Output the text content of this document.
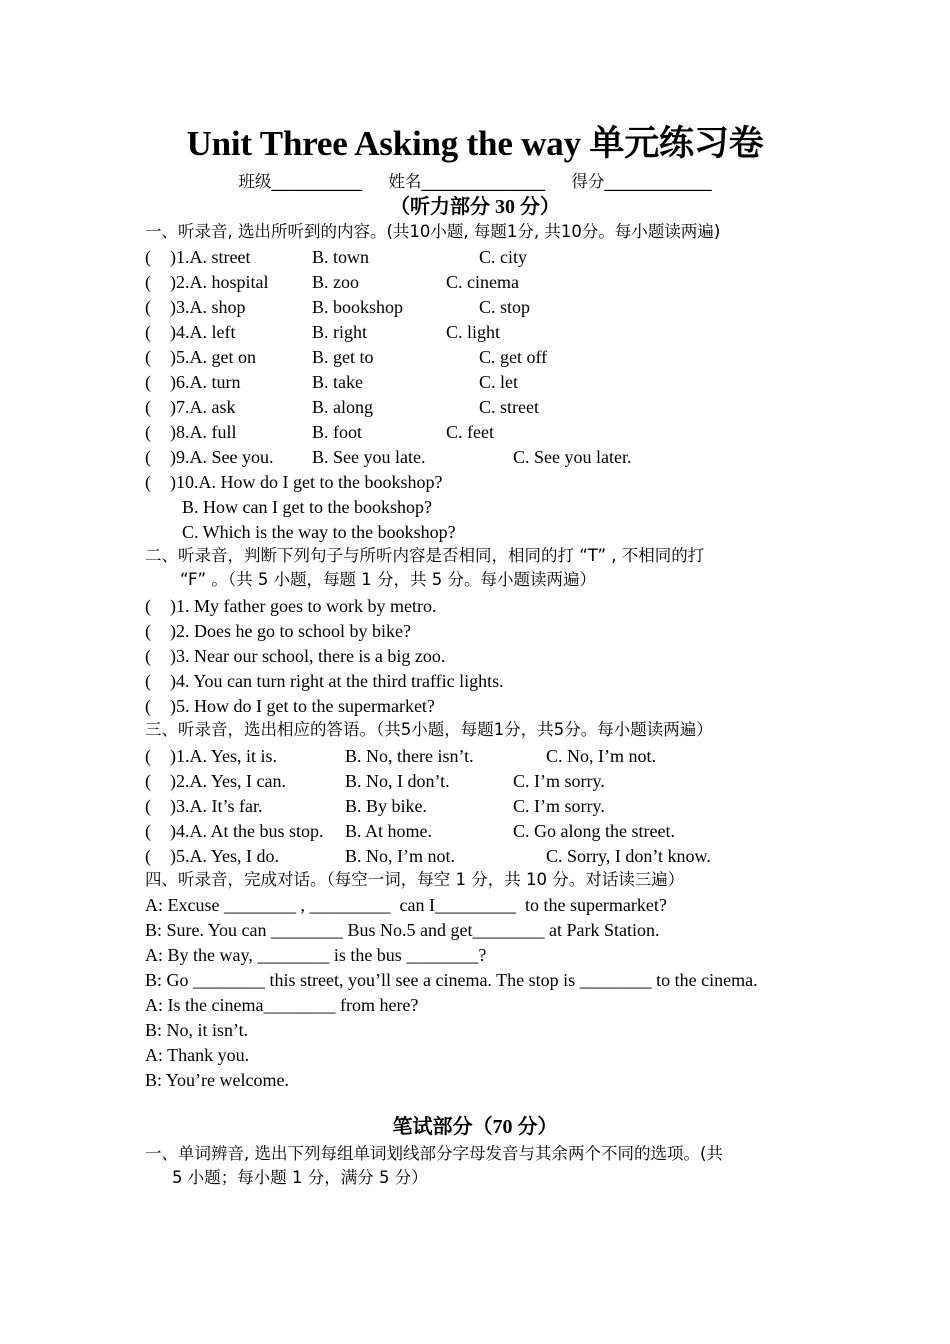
Unit Three Asking the way 单元练习卷
班级___________     姓名_______________     得分_____________
（听力部分 30 分）
一、听录音, 选出所听到的内容。(共10小题, 每题1分, 共10分。每小题读两遍)
( )1.A. street	B. town	C. city
( )2.A. hospital B. zoo	C. cinema
( )3.A. shop	B. bookshop	C. stop
( )4.A. left	B. right	C. light
( )5.A. get on	B. get to	C. get off
( )6.A. turn	B. take	C. let
( )7.A. ask	B. along	C. street
( )8.A. full	B. foot	C. feet
( )9.A. See you. B. See you late.	C. See you later.
( )10.A. How do I get to the bookshop?
B. How can I get to the bookshop?
C. Which is the way to the bookshop?
二、听录音，判断下列句子与所听内容是否相同，相同的打 “T” , 不相同的打
“F” 。（共 5 小题，每题 1 分，共 5 分。每小题读两遍）
( )1. My father goes to work by metro.
( )2. Does he go to school by bike?
( )3. Near our school, there is a big zoo.
( )4. You can turn right at the third traffic lights.
( )5. How do I get to the supermarket?
三、听录音，选出相应的答语。（共5小题，每题1分，共5分。每小题读两遍）
( )1.A. Yes, it is.	B. No, there isn’t.	C. No, I’m not.
( )2.A. Yes, I can.	B. No, I don’t.	C. I’m sorry.
( )3.A. It’s far.	B. By bike.	C. I’m sorry.
( )4.A. At the bus stop. B. At home.	C. Go along the street.
( )5.A. Yes, I do.	B. No, I’m not.	C. Sorry, I don’t know.
四、听录音，完成对话。（每空一词，每空 1 分，共 10 分。对话读三遍）
A: Excuse ________ , _________  can I_________  to the supermarket?
B: Sure. You can ________ Bus No.5 and get________ at Park Station.
A: By the way, ________ is the bus ________?
B: Go ________ this street, you’ll see a cinema. The stop is ________ to the cinema.
A: Is the cinema________ from here?
B: No, it isn’t.
A: Thank you.
B: You’re welcome.
笔试部分（70 分）
一、单词辨音, 选出下列每组单词划线部分字母发音与其余两个不同的选项。(共
5 小题；每小题 1 分，满分 5 分）
